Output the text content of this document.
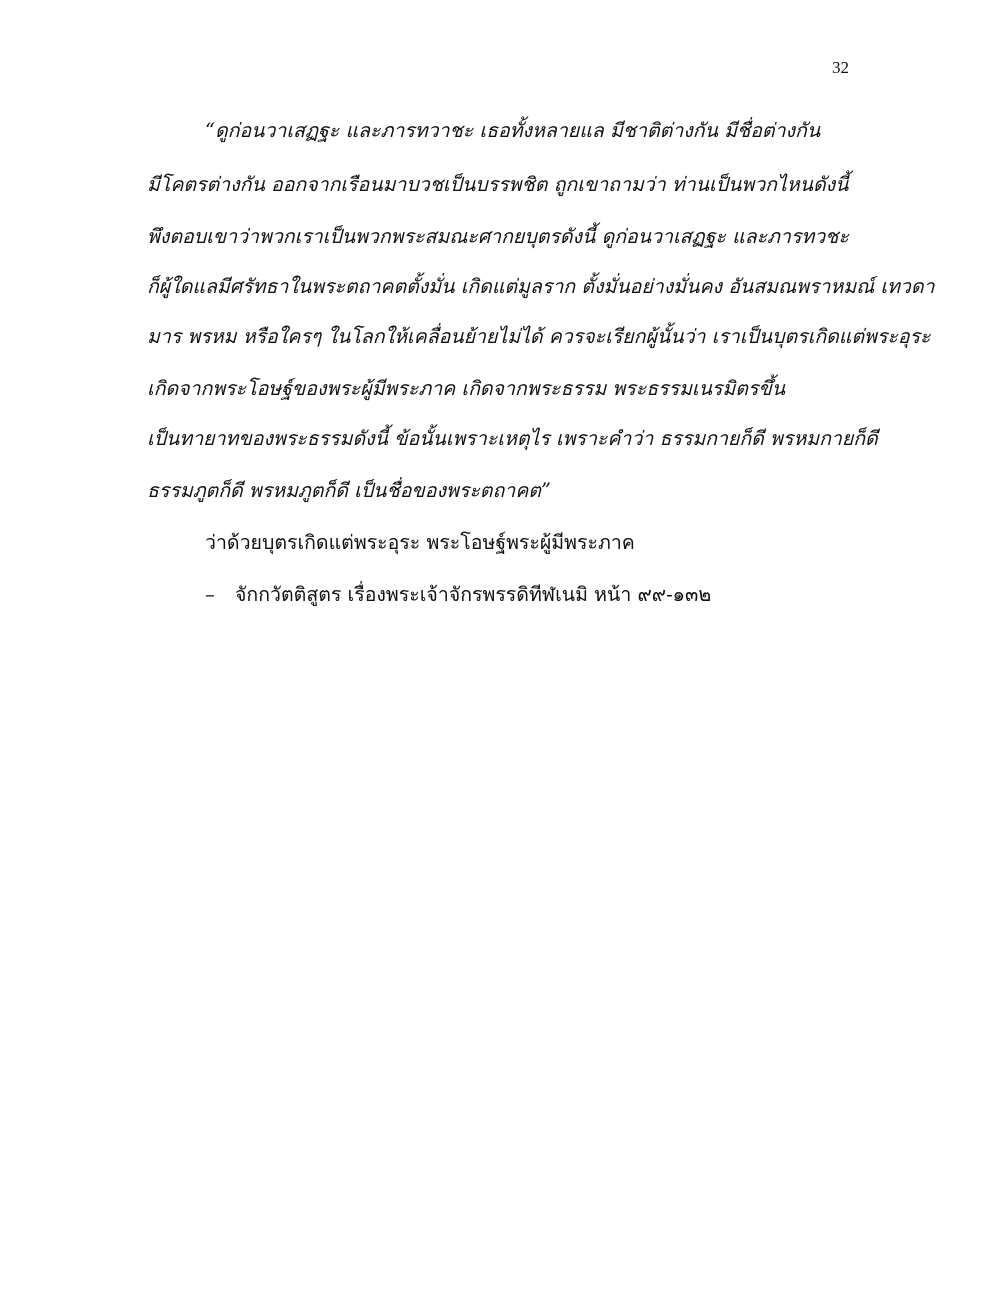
32
“ดูก่อนวาเสฏฐะ และภารทวาชะ เธอทั้งหลายแล มีชาติต่างกัน มีชื่อต่างกัน
มีโคตรต่างกัน ออกจากเรือนมาบวชเป็นบรรพชิต ถูกเขาถามว่า ท่านเป็นพวกไหนดังนี้
พึงตอบเขาว่าพวกเราเป็นพวกพระสมณะศากยบุตรดังนี้ ดูก่อนวาเสฏฐะ และภารทวชะ
ก็ผู้ใดแลมีศรัทธาในพระตถาคตตั้งมั่น เกิดแต่มูลราก ตั้งมั่นอย่างมั่นคง อันสมณพราหมณ์ เทวดา
มาร พรหม หรือใครๆ ในโลกให้เคลื่อนย้ายไม่ได้ ควรจะเรียกผู้นั้นว่า เราเป็นบุตรเกิดแต่พระอุระ
เกิดจากพระโอษฐ์ของพระผู้มีพระภาค เกิดจากพระธรรม พระธรรมเนรมิตรขึ้น
เป็นทายาทของพระธรรมดังนี้ ข้อนั้นเพราะเหตุไร เพราะคำว่า ธรรมกายก็ดี พรหมกายก็ดี
ธรรมภูตก็ดี พรหมภูตก็ดี เป็นชื่อของพระตถาคต”
ว่าด้วยบุตรเกิดแต่พระอุระ พระโอษฐ์พระผู้มีพระภาค
– จักกวัตติสูตร เรื่องพระเจ้าจักรพรรดิทีฬเนมิ หน้า ๙๙-๑๓๒
